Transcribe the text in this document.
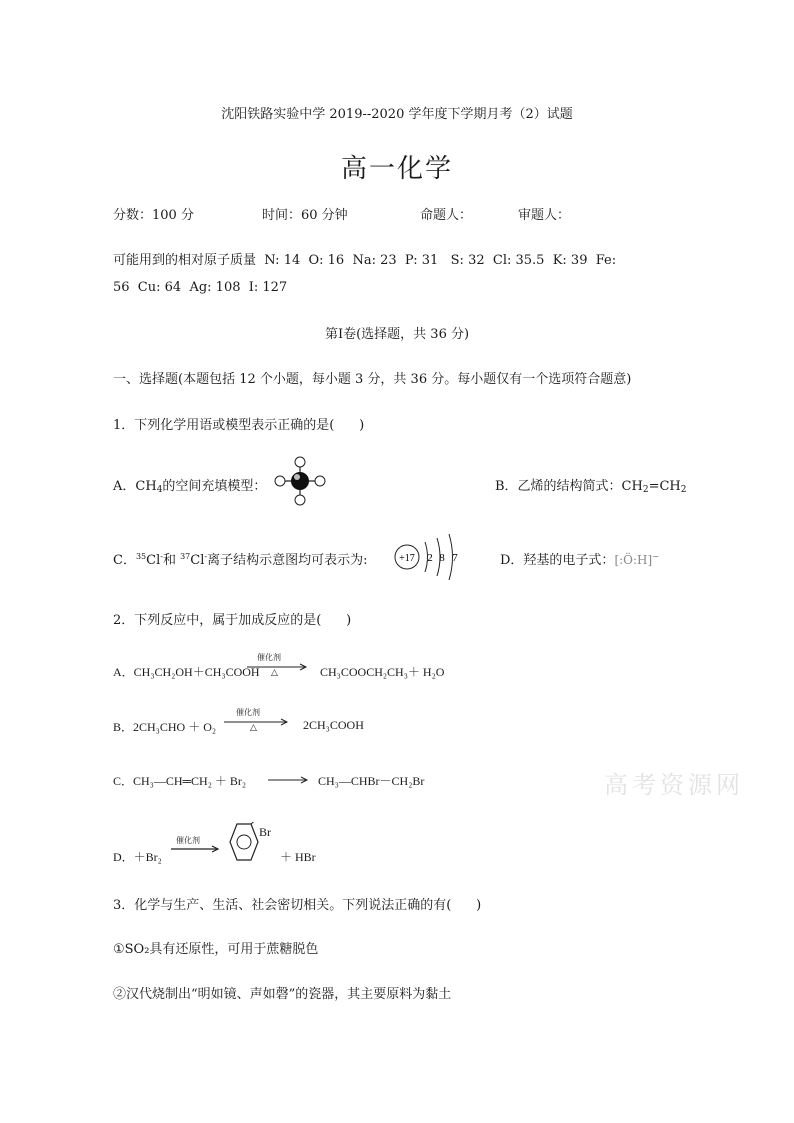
沈阳铁路实验中学 2019--2020 学年度下学期月考（2）试题
高一化学
分数：100 分	时间：60 分钟	命题人：	审题人：
可能用到的相对原子质量  N: 14  O: 16  Na: 23  P: 31   S: 32  Cl: 35.5  K: 39  Fe:
56  Cu: 64  Ag: 108  I: 127
第Ⅰ卷(选择题，共 36 分)
一、选择题(本题包括 12 个小题，每小题 3 分，共 36 分。每小题仅有一个选项符合题意)
1．下列化学用语或模型表示正确的是(      )
A．$CH_4$的空间充填模型：	B．乙烯的结构简式：$CH_2=CH_2$
C．$^{35}$Cl-和 $^{37}$Cl-离子结构示意图均可表示为:	+17 2 8 7	D．羟基的电子式：[:Ö:H]−
2．下列反应中，属于加成反应的是(      )
A．CH₃CH₂OH＋CH₃COOH
催化剂
△	CH₃COOCH₂CH₃＋ H₂O
B．2CH₃CHO ＋ O₂
催化剂
△	2CH₃COOH
C．CH₃—CH═CH₂ ＋ Br₂	CH₃—CHBr－CH₂Br
D．＋Br₂
催化剂
Br
＋ HBr
3．化学与生产、生活、社会密切相关。下列说法正确的有(      )
①SO₂具有还原性，可用于蔗糖脱色
②汉代烧制出“明如镜、声如磬”的瓷器，其主要原料为黏土
高考资源网
